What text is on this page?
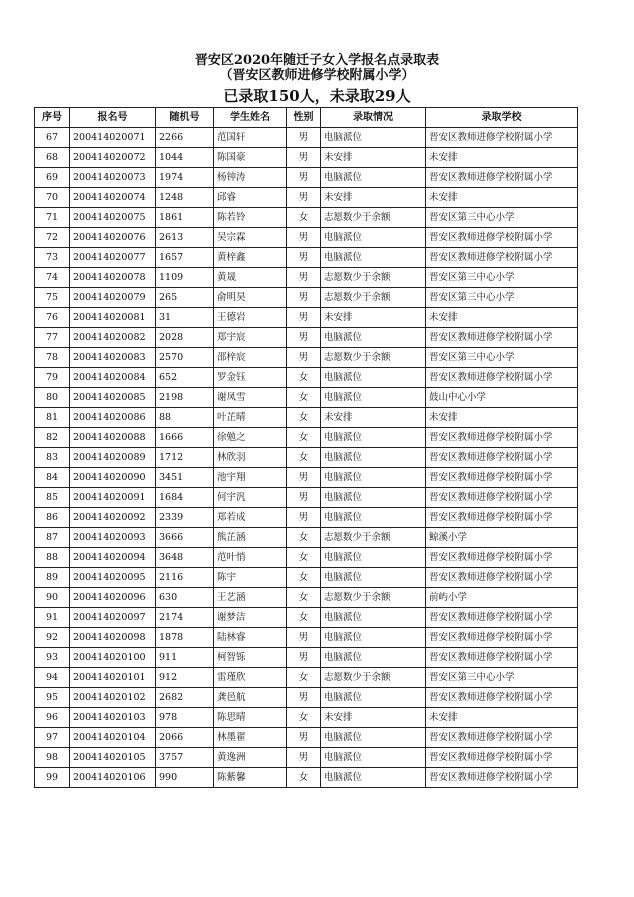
晋安区2020年随迁子女入学报名点录取表
（晋安区教师进修学校附属小学）
已录取150人，未录取29人
序号	报名号	随机号	学生姓名	性别	录取情况	录取学校
67	200414020071	2266	范国轩	男	电脑派位	晋安区教师进修学校附属小学
68	200414020072	1044	陈国豪	男	未安排	未安排
69	200414020073	1974	杨钟涛	男	电脑派位	晋安区教师进修学校附属小学
70	200414020074	1248	邱睿	男	未安排	未安排
71	200414020075	1861	陈若铃	女	志愿数少于余额	晋安区第三中心小学
72	200414020076	2613	吴宗霖	男	电脑派位	晋安区教师进修学校附属小学
73	200414020077	1657	黄梓鑫	男	电脑派位	晋安区教师进修学校附属小学
74	200414020078	1109	黄晟	男	志愿数少于余额	晋安区第三中心小学
75	200414020079	265	俞明昊	男	志愿数少于余额	晋安区第三中心小学
76	200414020081	31	王德岩	男	未安排	未安排
77	200414020082	2028	郑宇宸	男	电脑派位	晋安区教师进修学校附属小学
78	200414020083	2570	邵梓宸	男	志愿数少于余额	晋安区第三中心小学
79	200414020084	652	罗金钰	女	电脑派位	晋安区教师进修学校附属小学
80	200414020085	2198	谢凤雪	女	电脑派位	鼓山中心小学
81	200414020086	88	叶芷晴	女	未安排	未安排
82	200414020088	1666	徐勉之	女	电脑派位	晋安区教师进修学校附属小学
83	200414020089	1712	林欣羽	女	电脑派位	晋安区教师进修学校附属小学
84	200414020090	3451	池宇翔	男	电脑派位	晋安区教师进修学校附属小学
85	200414020091	1684	何宇汎	男	电脑派位	晋安区教师进修学校附属小学
86	200414020092	2339	郑若成	男	电脑派位	晋安区教师进修学校附属小学
87	200414020093	3666	熊芷涵	女	志愿数少于余额	鲸溪小学
88	200414020094	3648	范叶悄	女	电脑派位	晋安区教师进修学校附属小学
89	200414020095	2116	陈宇	女	电脑派位	晋安区教师进修学校附属小学
90	200414020096	630	王艺涵	女	志愿数少于余额	前屿小学
91	200414020097	2174	谢梦洁	女	电脑派位	晋安区教师进修学校附属小学
92	200414020098	1878	陆林睿	男	电脑派位	晋安区教师进修学校附属小学
93	200414020100	911	柯智铄	男	电脑派位	晋安区教师进修学校附属小学
94	200414020101	912	雷瑾欣	女	志愿数少于余额	晋安区第三中心小学
95	200414020102	2682	龚邑航	男	电脑派位	晋安区教师进修学校附属小学
96	200414020103	978	陈思晴	女	未安排	未安排
97	200414020104	2066	林墨翟	男	电脑派位	晋安区教师进修学校附属小学
98	200414020105	3757	黄逸洲	男	电脑派位	晋安区教师进修学校附属小学
99	200414020106	990	陈紫馨	女	电脑派位	晋安区教师进修学校附属小学
